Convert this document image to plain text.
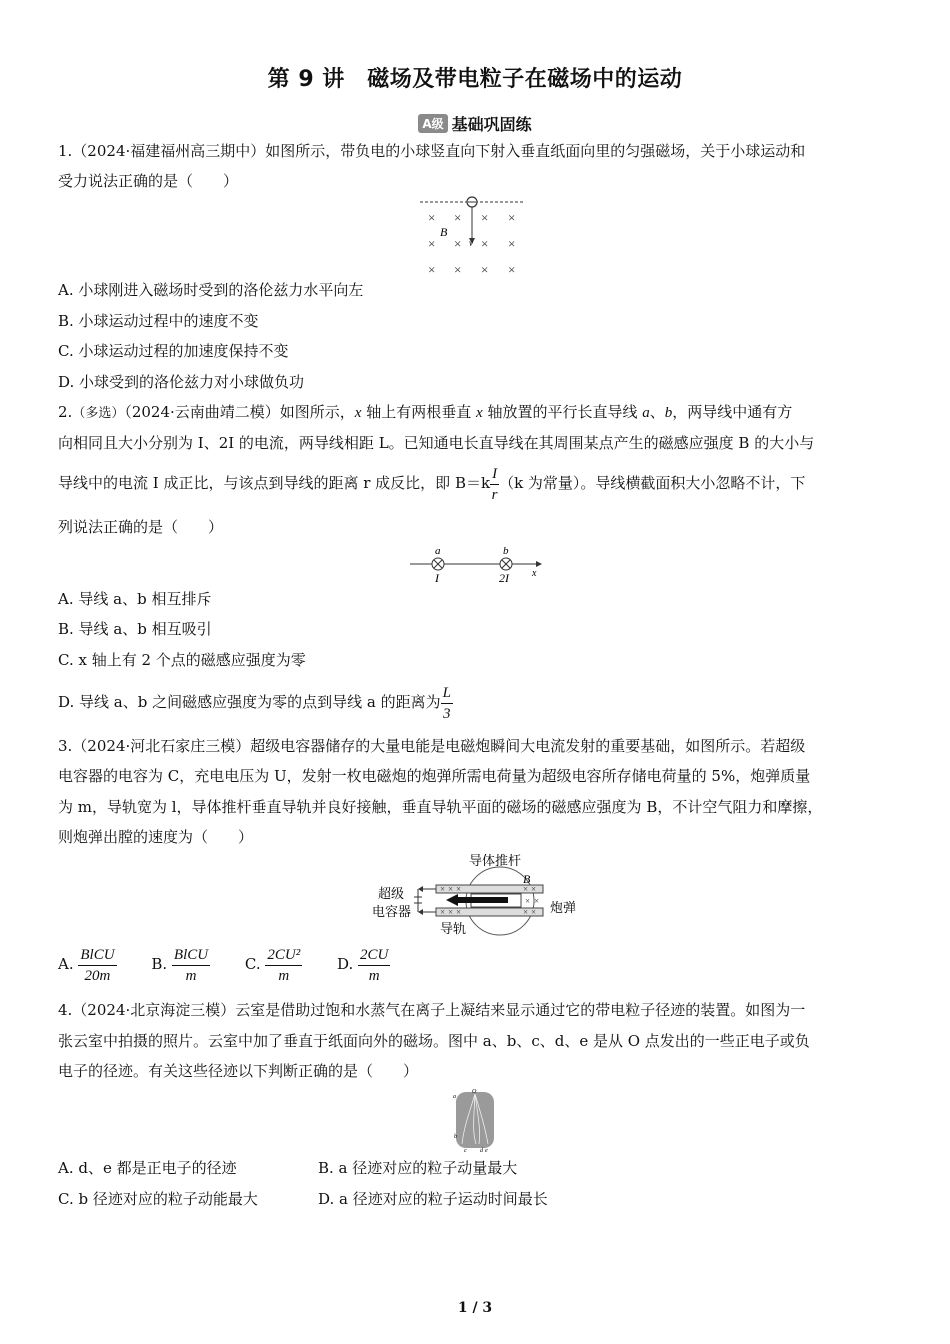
第 9 讲　磁场及带电粒子在磁场中的运动
A级 基础巩固练
1.（2024·福建福州高三期中）如图所示，带负电的小球竖直向下射入垂直纸面向里的匀强磁场，关于小球运动和
受力说法正确的是（　　）
B
v
× × × ×
× × × ×
× × × ×
A. 小球刚进入磁场时受到的洛伦兹力水平向左
B. 小球运动过程中的速度不变
C. 小球运动过程的加速度保持不变
D. 小球受到的洛伦兹力对小球做负功
2.（多选）（2024·云南曲靖二模）如图所示，x 轴上有两根垂直 x 轴放置的平行长直导线 a、b，两导线中通有方
向相同且大小分别为 I、2I 的电流，两导线相距 L。已知通电长直导线在其周围某点产生的磁感应强度 B 的大小与
导线中的电流 I 成正比，与该点到导线的距离 r 成反比，即 $B=k \frac{I}{r} (k$ 为常量）。导线横截面积大小忽略不计，下
列说法正确的是（　　）
a	b
I	2I x
A. 导线 a、b 相互排斥
B. 导线 a、b 相互吸引
C. x 轴上有 2 个点的磁感应强度为零
D. 导线 a、b 之间磁感应强度为零的点到导线 a 的距离为 $\frac{L}{3}$
3.（2024·河北石家庄三模）超级电容器储存的大量电能是电磁炮瞬间大电流发射的重要基础，如图所示。若超级
电容器的电容为 C，充电电压为 U，发射一枚电磁炮的炮弹所需电荷量为超级电容所存储电荷量的 5%，炮弹质量
为 m，导轨宽为 l，导体推杆垂直导轨并良好接触，垂直导轨平面的磁场的磁感应强度为 B，不计空气阻力和摩擦，
则炮弹出膛的速度为（　　）
导体推杆
超级
电容器
导轨
炮弹
B
× × ×	× ×
× × ×	× ×
× ×
A. $\frac{\text{BlCU}}{20m} B$. $\frac{\text{BlCU}}{m} C$. $\frac{\text{2CU²}}{m} D$. $\frac{2CU}{m}$
4.（2024·北京海淀三模）云室是借助过饱和水蒸气在离子上凝结来显示通过它的带电粒子径迹的装置。如图为一
张云室中拍摄的照片。云室中加了垂直于纸面向外的磁场。图中 a、b、c、d、e 是从 O 点发出的一些正电子或负
电子的径迹。有关这些径迹以下判断正确的是（　　）
O
a
b
c d e
A. d、e 都是正电子的径迹	B. a 径迹对应的粒子动量最大
C. b 径迹对应的粒子动能最大	D. a 径迹对应的粒子运动时间最长
1 / 3
